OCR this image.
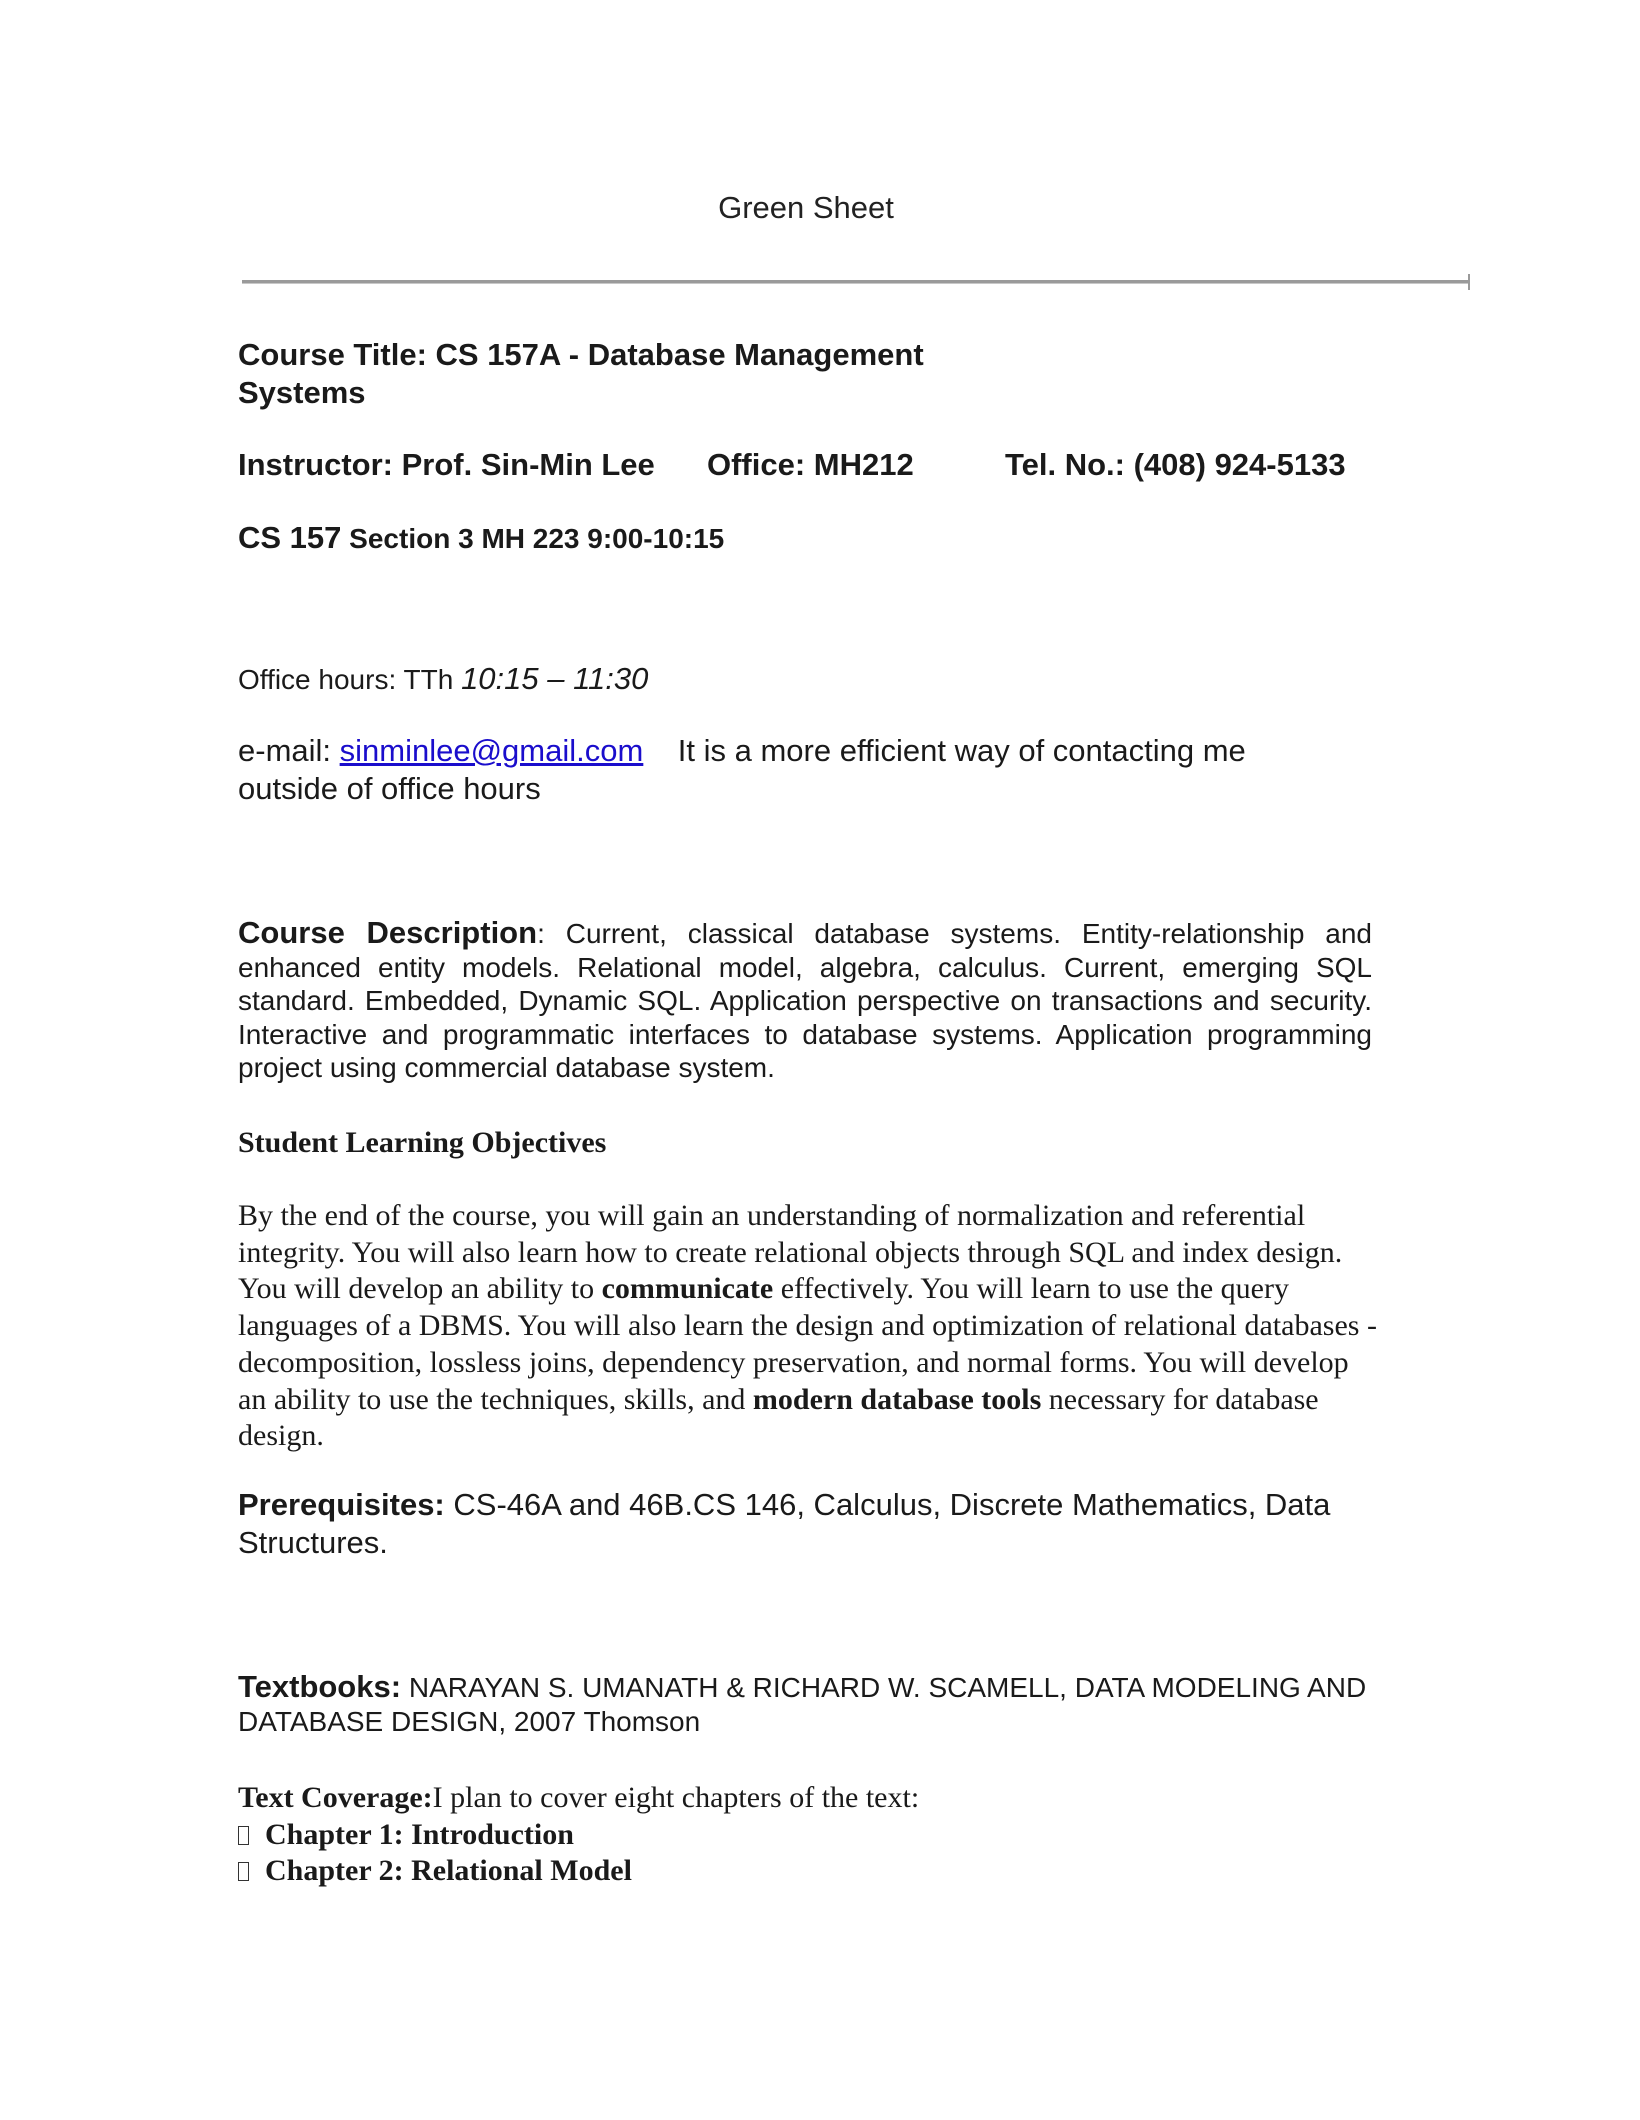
Green Sheet
Course Title: CS 157A - Database Management Systems
Instructor: Prof. Sin-Min Lee Office: MH212	Tel. No.: (408) 924-5133
CS 157 Section 3 MH 223 9:00-10:15
Office hours: TTh 10:15 – 11:30
e-mail: sinminlee@gmail.com It is a more efficient way of contacting me outside of office hours
Course Description: Current, classical database systems. Entity-relationship and enhanced entity models. Relational model, algebra, calculus. Current, emerging SQL standard. Embedded, Dynamic SQL. Application perspective on transactions and security. Interactive and programmatic interfaces to database systems. Application programming project using commercial database system.
Student Learning Objectives
By the end of the course, you will gain an understanding of normalization and referential integrity. You will also learn how to create relational objects through SQL and index design. You will develop an ability to communicate effectively. You will learn to use the query languages of a DBMS. You will also learn the design and optimization of relational databases - decomposition, lossless joins, dependency preservation, and normal forms. You will develop an ability to use the techniques, skills, and modern database tools necessary for database design.
Prerequisites: CS-46A and 46B.CS 146, Calculus, Discrete Mathematics, Data Structures.
Textbooks: NARAYAN S. UMANATH & RICHARD W. SCAMELL, DATA MODELING AND DATABASE DESIGN, 2007 Thomson
Text Coverage:I plan to cover eight chapters of the text:
Chapter 1: Introduction
Chapter 2: Relational Model
